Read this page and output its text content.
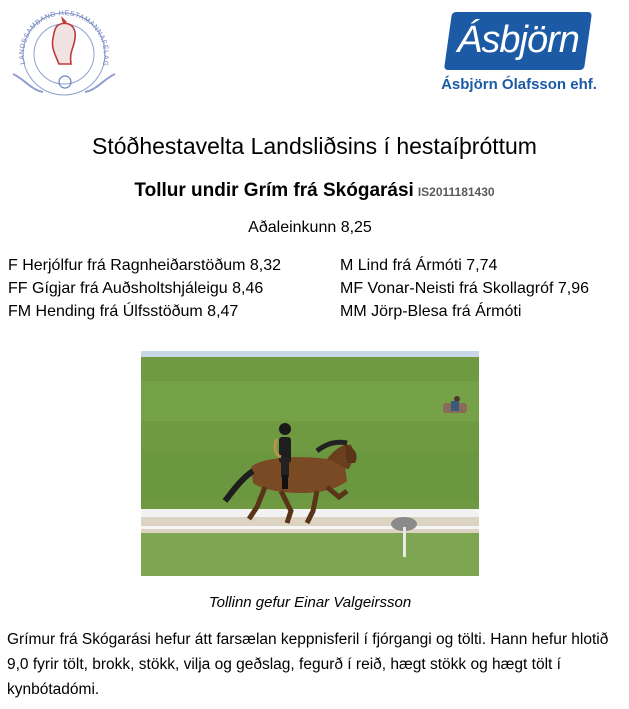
LANDSSAMBAND HESTAMANNAFÉLAG
Ásbjörn
Ásbjörn Ólafsson ehf.
Stóðhestavelta Landsliðsins í hestaíþróttum
Tollur undir Grím frá Skógarási IS2011181430
Aðaleinkunn 8,25
F Herjólfur frá Ragnheiðarstöðum 8,32
FF Gígjar frá Auðsholtshjáleigu 8,46
FM Hending frá Úlfsstöðum 8,47
M Lind frá Ármóti 7,74
MF Vonar-Neisti frá Skollagróf 7,96
MM Jörp-Blesa frá Ármóti
Tollinn gefur Einar Valgeirsson
Grímur frá Skógarási hefur átt farsælan keppnisferil í fjórgangi og tölti. Hann hefur hlotið 9,0 fyrir tölt, brokk, stökk, vilja og geðslag, fegurð í reið, hægt stökk og hægt tölt í kynbótadómi.
